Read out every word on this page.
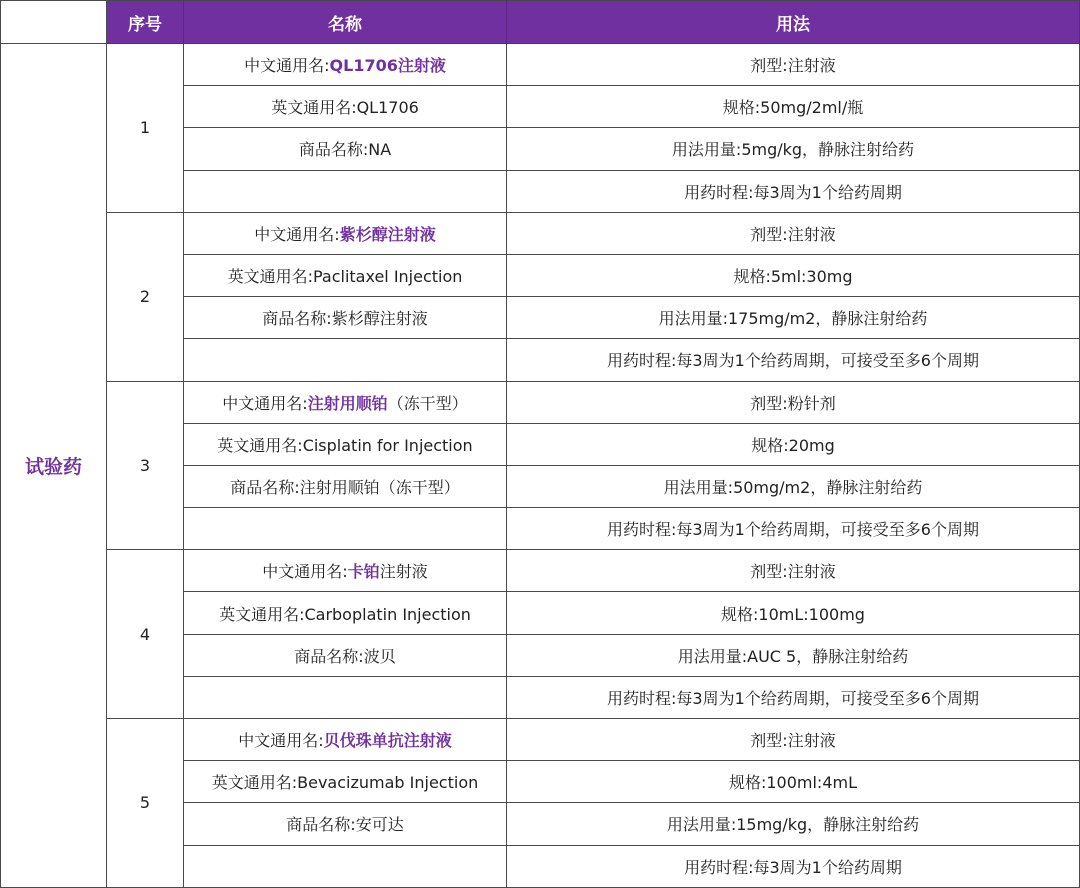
序号	名称	用法
试验药
1
中文通用名: QL1706注射液
英文通用名:QL1706
商品名称:NA
剂型:注射液
规格:50mg/2ml/瓶
用法用量:5mg/kg，静脉注射给药
用药时程:每3周为1个给药周期
2
中文通用名: 紫杉醇注射液
英文通用名:Paclitaxel Injection
商品名称:紫杉醇注射液
剂型:注射液
规格:5ml:30mg
用法用量:175mg/m2，静脉注射给药
用药时程:每3周为1个给药周期，可接受至多6个周期
3
中文通用名: 注射用顺铂 （冻干型）
英文通用名:Cisplatin for Injection
商品名称:注射用顺铂（冻干型）
剂型:粉针剂
规格:20mg
用法用量:50mg/m2，静脉注射给药
用药时程:每3周为1个给药周期，可接受至多6个周期
4
中文通用名: 卡铂 注射液
英文通用名:Carboplatin Injection
商品名称:波贝
剂型:注射液
规格:10mL:100mg
用法用量:AUC 5，静脉注射给药
用药时程:每3周为1个给药周期，可接受至多6个周期
5
中文通用名: 贝伐珠单抗注射液
英文通用名:Bevacizumab Injection
商品名称:安可达
剂型:注射液
规格:100ml:4mL
用法用量:15mg/kg，静脉注射给药
用药时程:每3周为1个给药周期
